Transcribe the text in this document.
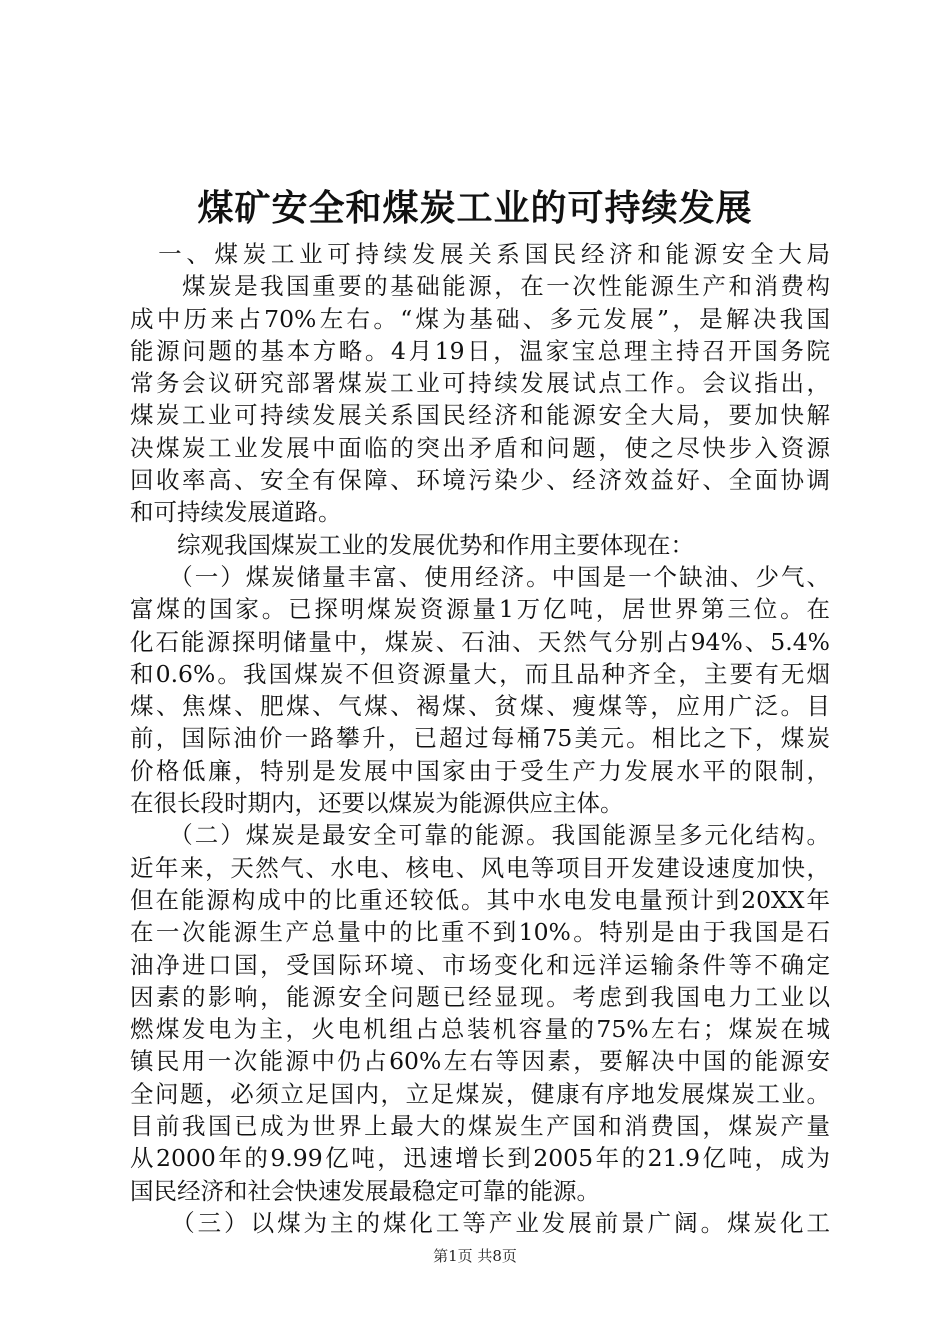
煤矿安全和煤炭工业的可持续发展
　一、煤炭工业可持续发展关系国民经济和能源安全大局
　　煤炭是我国重要的基础能源，在一次性能源生产和消费构
成中历来占70%左右。“煤为基础、多元发展”，是解决我国
能源问题的基本方略。4月19日，温家宝总理主持召开国务院
常务会议研究部署煤炭工业可持续发展试点工作。会议指出，
煤炭工业可持续发展关系国民经济和能源安全大局，要加快解
决煤炭工业发展中面临的突出矛盾和问题，使之尽快步入资源
回收率高、安全有保障、环境污染少、经济效益好、全面协调
和可持续发展道路。
　　综观我国煤炭工业的发展优势和作用主要体现在：
　　（一）煤炭储量丰富、使用经济。中国是一个缺油、少气、
富煤的国家。已探明煤炭资源量1万亿吨，居世界第三位。在
化石能源探明储量中，煤炭、石油、天然气分别占94%、5.4%
和0.6%。我国煤炭不但资源量大，而且品种齐全，主要有无烟
煤、焦煤、肥煤、气煤、褐煤、贫煤、瘦煤等，应用广泛。目
前，国际油价一路攀升，已超过每桶75美元。相比之下，煤炭
价格低廉，特别是发展中国家由于受生产力发展水平的限制，
在很长段时期内，还要以煤炭为能源供应主体。
　　（二）煤炭是最安全可靠的能源。我国能源呈多元化结构。
近年来，天然气、水电、核电、风电等项目开发建设速度加快，
但在能源构成中的比重还较低。其中水电发电量预计到20XX年
在一次能源生产总量中的比重不到10%。特别是由于我国是石
油净进口国，受国际环境、市场变化和远洋运输条件等不确定
因素的影响，能源安全问题已经显现。考虑到我国电力工业以
燃煤发电为主，火电机组占总装机容量的75%左右；煤炭在城
镇民用一次能源中仍占60%左右等因素，要解决中国的能源安
全问题，必须立足国内，立足煤炭，健康有序地发展煤炭工业。
目前我国已成为世界上最大的煤炭生产国和消费国，煤炭产量
从2000年的9.99亿吨，迅速增长到2005年的21.9亿吨，成为
国民经济和社会快速发展最稳定可靠的能源。
　　（三）以煤为主的煤化工等产业发展前景广阔。煤炭化工
第1页 共8页
